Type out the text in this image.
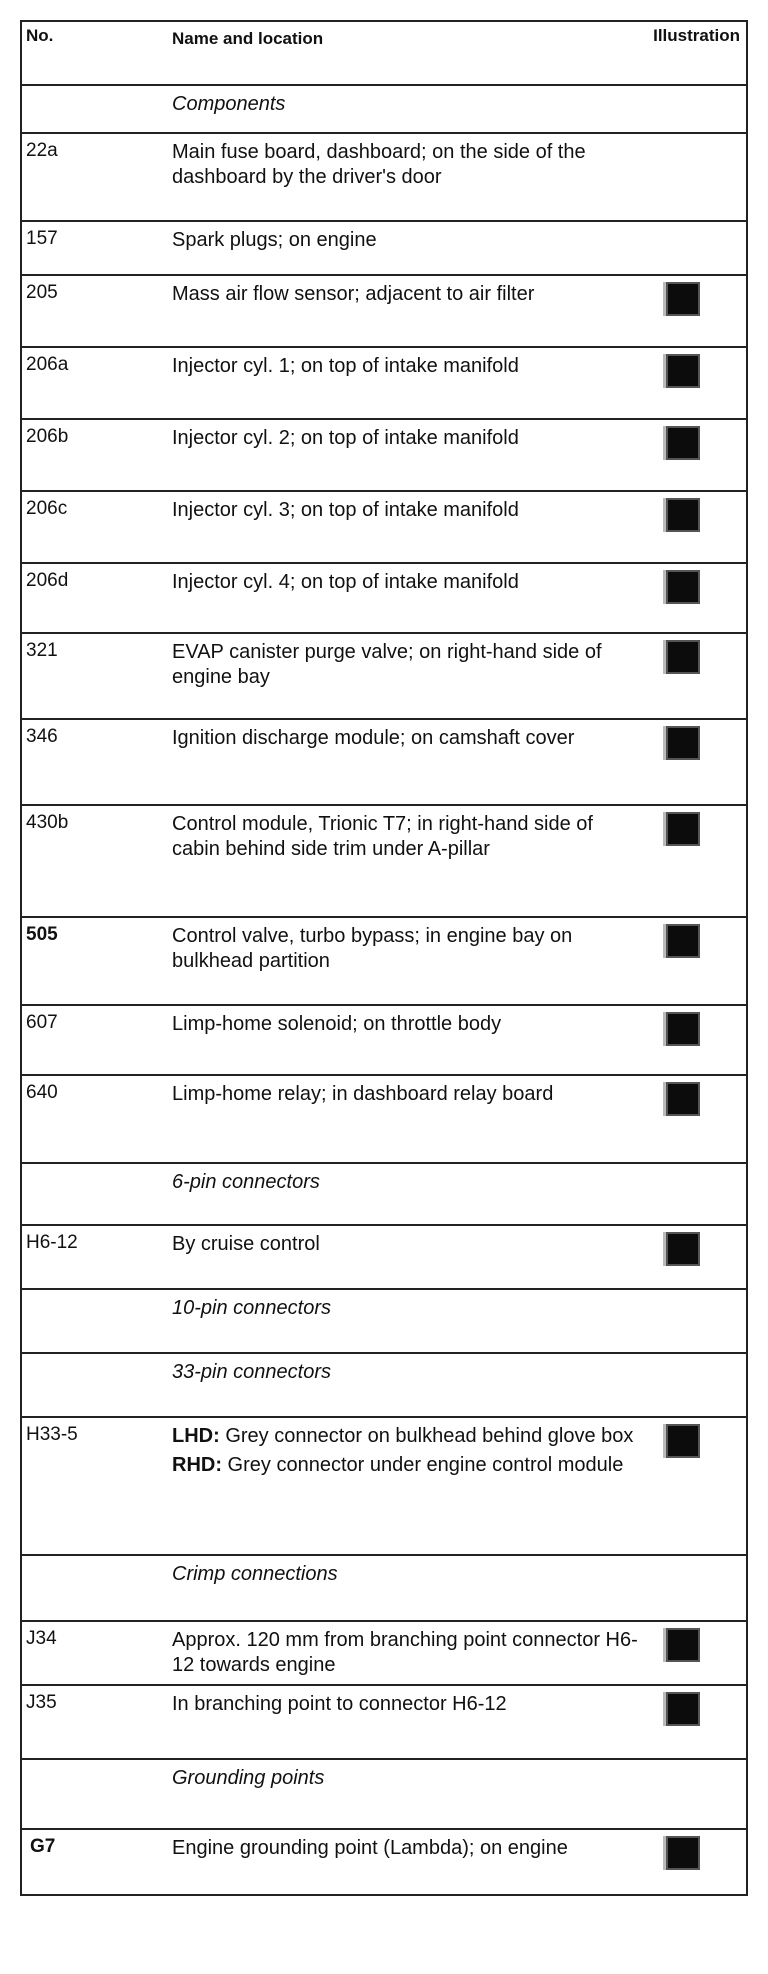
No.	Name and location	Illustration
Components
22a	Main fuse board, dashboard; on the side of the dashboard by the driver's door
157	Spark plugs; on engine
205	Mass air flow sensor; adjacent to air filter
206a	Injector cyl. 1; on top of intake manifold
206b	Injector cyl. 2; on top of intake manifold
206c	Injector cyl. 3; on top of intake manifold
206d	Injector cyl. 4; on top of intake manifold
321	EVAP canister purge valve; on right-hand side of engine bay
346	Ignition discharge module; on camshaft cover
430b	Control module, Trionic T7; in right-hand side of cabin behind side trim under A-pillar
505	Control valve, turbo bypass; in engine bay on bulkhead partition
607	Limp-home solenoid; on throttle body
640	Limp-home relay; in dashboard relay board
6-pin connectors
H6-12	By cruise control
10-pin connectors
33-pin connectors
H33-5	LHD: Grey connector on bulkhead behind glove box
RHD: Grey connector under engine control module
Crimp connections
J34	Approx. 120 mm from branching point connector H6-12 towards engine
J35	In branching point to connector H6-12
Grounding points
G7	Engine grounding point (Lambda); on engine
